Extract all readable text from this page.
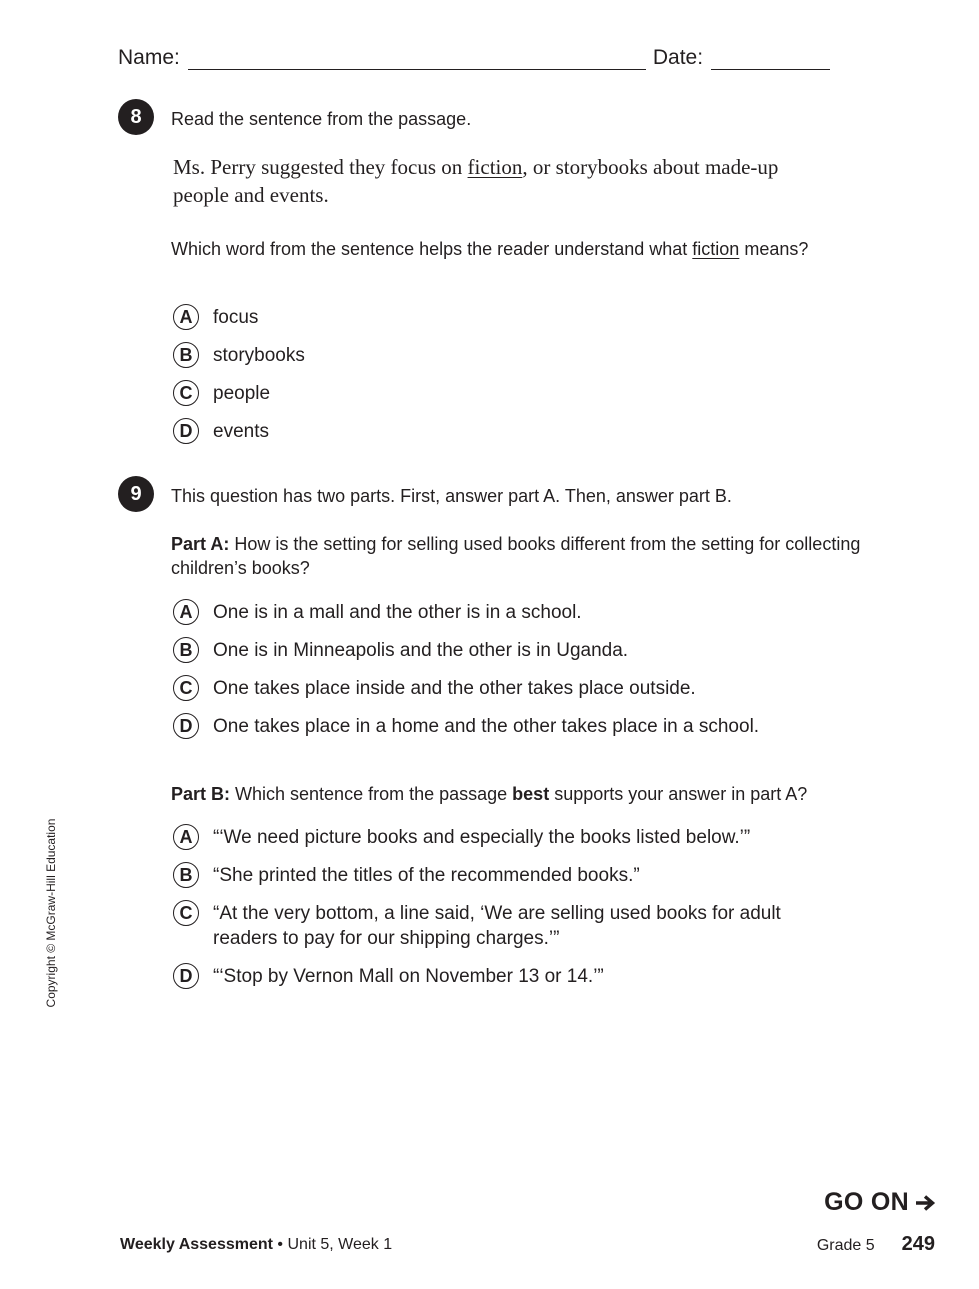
Name:	Date:
8	Read the sentence from the passage.
Ms. Perry suggested they focus on fiction, or storybooks about made-up people and events.
Which word from the sentence helps the reader understand what fiction means?
A	focus
B	storybooks
C	people
D	events
9	This question has two parts. First, answer part A. Then, answer part B.
Part A: How is the setting for selling used books different from the setting for collecting children’s books?
A	One is in a mall and the other is in a school.
B	One is in Minneapolis and the other is in Uganda.
C	One takes place inside and the other takes place outside.
D	One takes place in a home and the other takes place in a school.
Part B: Which sentence from the passage best supports your answer in part A?
A	“‘We need picture books and especially the books listed below.’”
B	“She printed the titles of the recommended books.”
C	“At the very bottom, a line said, ‘We are selling used books for adult readers to pay for our shipping charges.’”
D	“‘Stop by Vernon Mall on November 13 or 14.’”
Copyright © McGraw-Hill Education
GO ON
Weekly Assessment • Unit 5, Week 1	Grade 5 249
